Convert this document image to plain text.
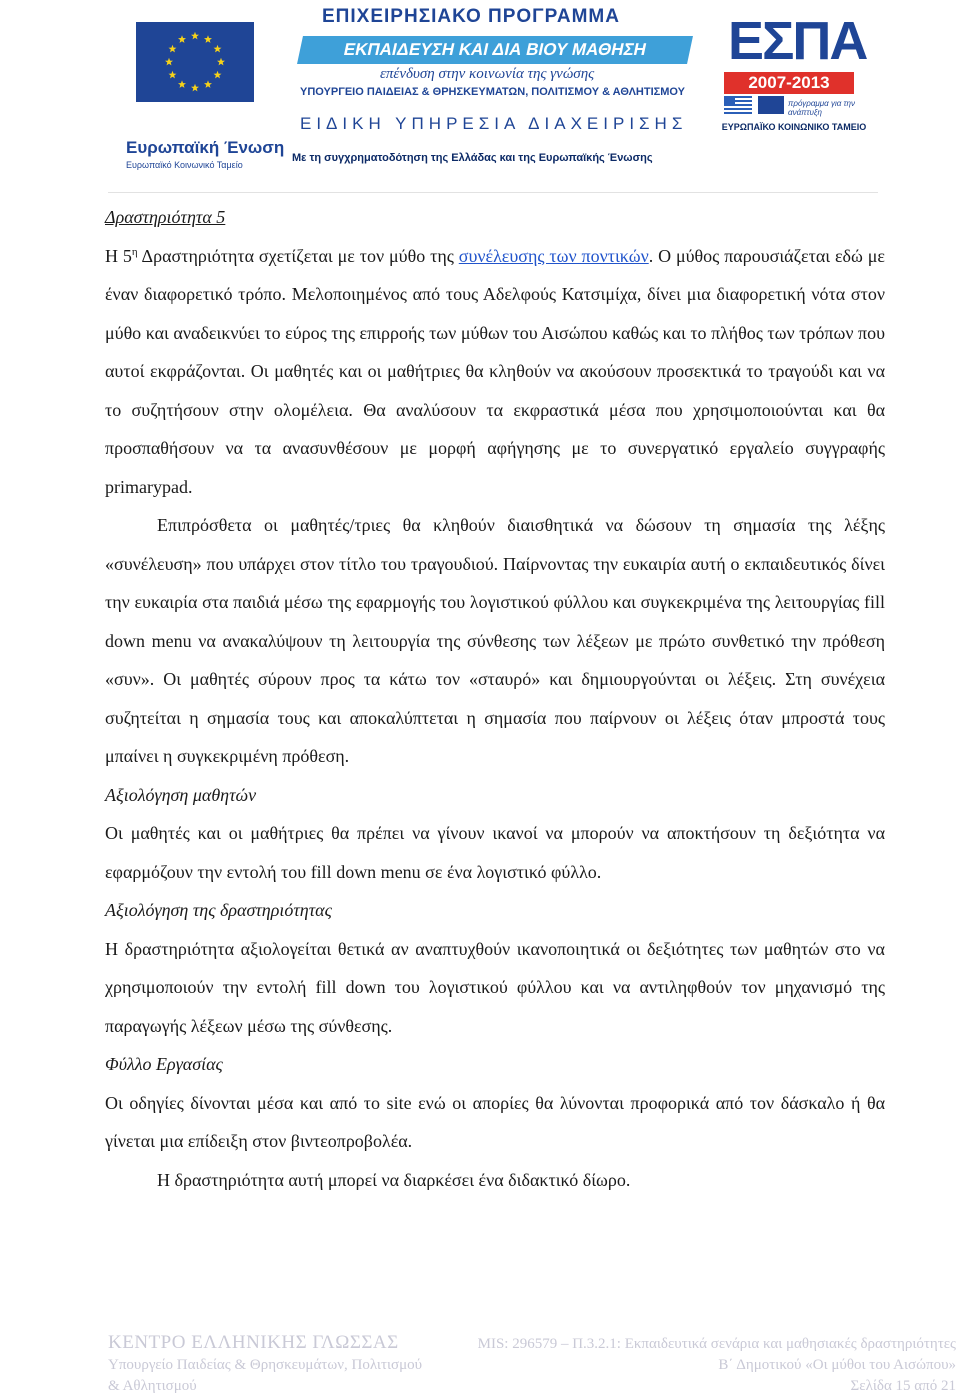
Ευρωπαϊκή Ένωση
Ευρωπαϊκό Κοινωνικό Ταμείο
ΕΠΙΧΕΙΡΗΣΙΑΚΟ ΠΡΟΓΡΑΜΜΑ
ΕΚΠΑΙΔΕΥΣΗ ΚΑΙ ΔΙΑ ΒΙΟΥ ΜΑΘΗΣΗ
επένδυση στην κοινωνία της γνώσης
ΥΠΟΥΡΓΕΙΟ ΠΑΙΔΕΙΑΣ & ΘΡΗΣΚΕΥΜΑΤΩΝ, ΠΟΛΙΤΙΣΜΟΥ & ΑΘΛΗΤΙΣΜΟΥ
ΕΙΔΙΚΗ ΥΠΗΡΕΣΙΑ ΔΙΑΧΕΙΡΙΣΗΣ
Με τη συγχρηματοδότηση της Ελλάδας και της Ευρωπαϊκής Ένωσης
ΕΣΠΑ
2007-2013
πρόγραμμα για την ανάπτυξη
ΕΥΡΩΠΑΪΚΟ ΚΟΙΝΩΝΙΚΟ ΤΑΜΕΙΟ
Δραστηριότητα 5

Η $5^\eta$ Δραστηριότητα σχετίζεται με τον μύθο της συνέλευσης των ποντικών. Ο μύθος παρουσιάζεται εδώ με έναν διαφορετικό τρόπο. Μελοποιημένος από τους Αδελφούς Κατσιμίχα, δίνει μια διαφορετική νότα στον μύθο και αναδεικνύει το εύρος της επιρροής των μύθων του Αισώπου καθώς και το πλήθος των τρόπων που αυτοί εκφράζονται. Οι μαθητές και οι μαθήτριες θα κληθούν να ακούσουν προσεκτικά το τραγούδι και να το συζητήσουν στην ολομέλεια. Θα αναλύσουν τα εκφραστικά μέσα που χρησιμοποιούνται και θα προσπαθήσουν να τα ανασυνθέσουν με μορφή αφήγησης με το συνεργατικό εργαλείο συγγραφής primarypad.

Επιπρόσθετα οι μαθητές/τριες θα κληθούν διαισθητικά να δώσουν τη σημασία της λέξης «συνέλευση» που υπάρχει στον τίτλο του τραγουδιού. Παίρνοντας την ευκαιρία αυτή ο εκπαιδευτικός δίνει την ευκαιρία στα παιδιά μέσω της εφαρμογής του λογιστικού φύλλου και συγκεκριμένα της λειτουργίας fill down menu να ανακαλύψουν τη λειτουργία της σύνθεσης των λέξεων με πρώτο συνθετικό την πρόθεση «συν». Οι μαθητές σύρουν προς τα κάτω τον «σταυρό» και δημιουργούνται οι λέξεις. Στη συνέχεια συζητείται η σημασία τους και αποκαλύπτεται η σημασία που παίρνουν οι λέξεις όταν μπροστά τους μπαίνει η συγκεκριμένη πρόθεση.

Αξιολόγηση μαθητών

Οι μαθητές και οι μαθήτριες θα πρέπει να γίνουν ικανοί να μπορούν να αποκτήσουν τη δεξιότητα να εφαρμόζουν την εντολή του fill down menu σε ένα λογιστικό φύλλο.

Αξιολόγηση της δραστηριότητας

Η δραστηριότητα αξιολογείται θετικά αν αναπτυχθούν ικανοποιητικά οι δεξιότητες των μαθητών στο να χρησιμοποιούν την εντολή fill down του λογιστικού φύλλου και να αντιληφθούν τον μηχανισμό της παραγωγής λέξεων μέσω της σύνθεσης.

Φύλλο Εργασίας

Οι οδηγίες δίνονται μέσα και από το site ενώ οι απορίες θα λύνονται προφορικά από τον δάσκαλο ή θα γίνεται μια επίδειξη στον βιντεοπροβολέα.

Η δραστηριότητα αυτή μπορεί να διαρκέσει ένα διδακτικό δίωρο.

ΚΕΝΤΡΟ ΕΛΛΗΝΙΚΗΣ ΓΛΩΣΣΑΣ
Υπουργείο Παιδείας & Θρησκευμάτων, Πολιτισμού
& Αθλητισμού
MIS: 296579 – Π.3.2.1: Εκπαιδευτικά σενάρια και μαθησιακές δραστηριότητες
Β΄ Δημοτικού «Οι μύθοι του Αισώπου»
Σελίδα 15 από 21
